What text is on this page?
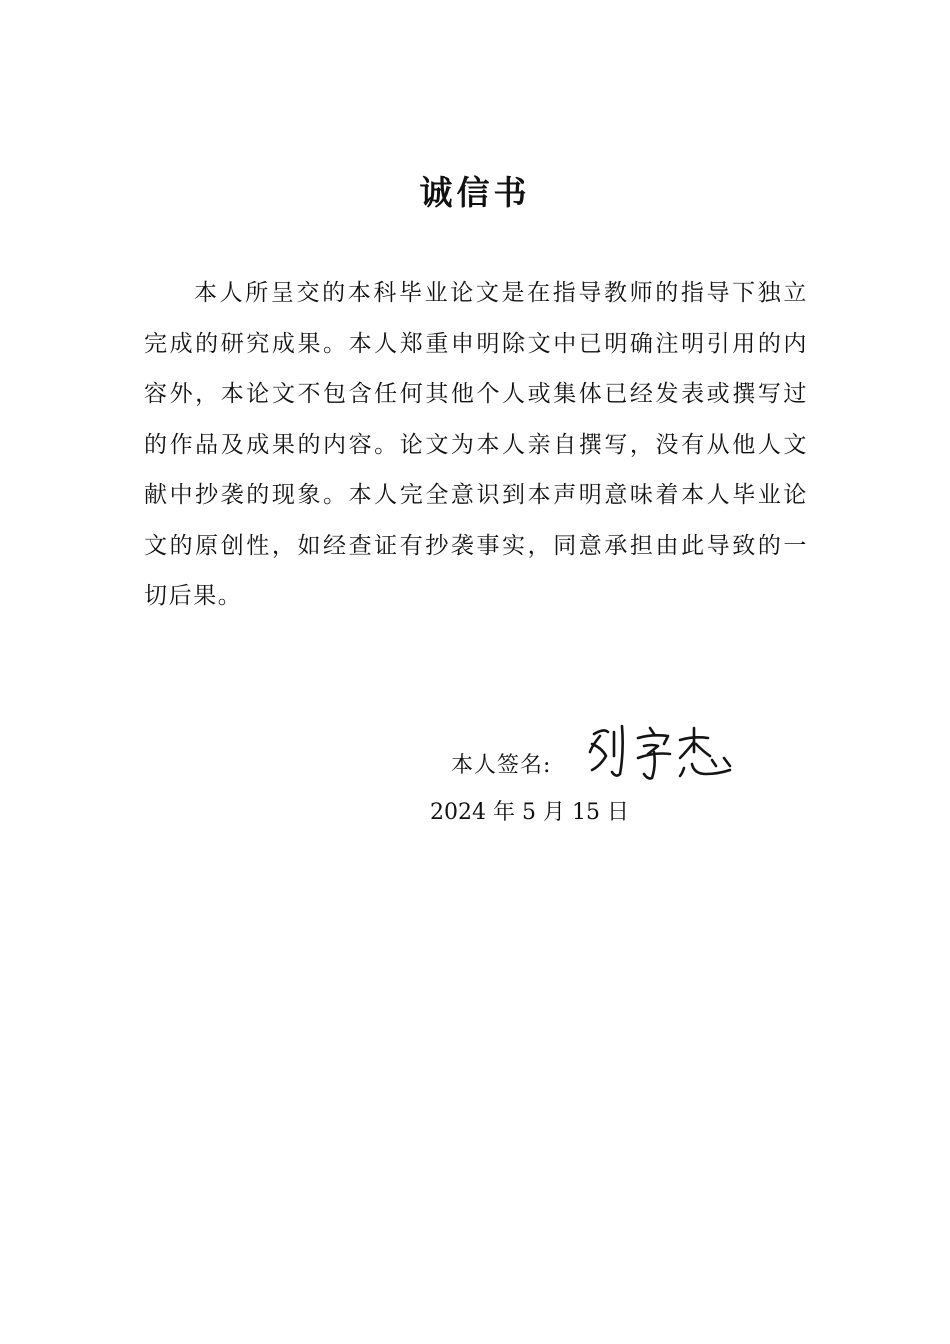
诚信书

本人所呈交的本科毕业论文是在指导教师的指导下独立完成的研究成果。本人郑重申明除文中已明确注明引用的内容外，本论文不包含任何其他个人或集体已经发表或撰写过的作品及成果的内容。论文为本人亲自撰写，没有从他人文献中抄袭的现象。本人完全意识到本声明意味着本人毕业论文的原创性，如经查证有抄袭事实，同意承担由此导致的一切后果。

本人签名:
2024 年 5 月 15 日
